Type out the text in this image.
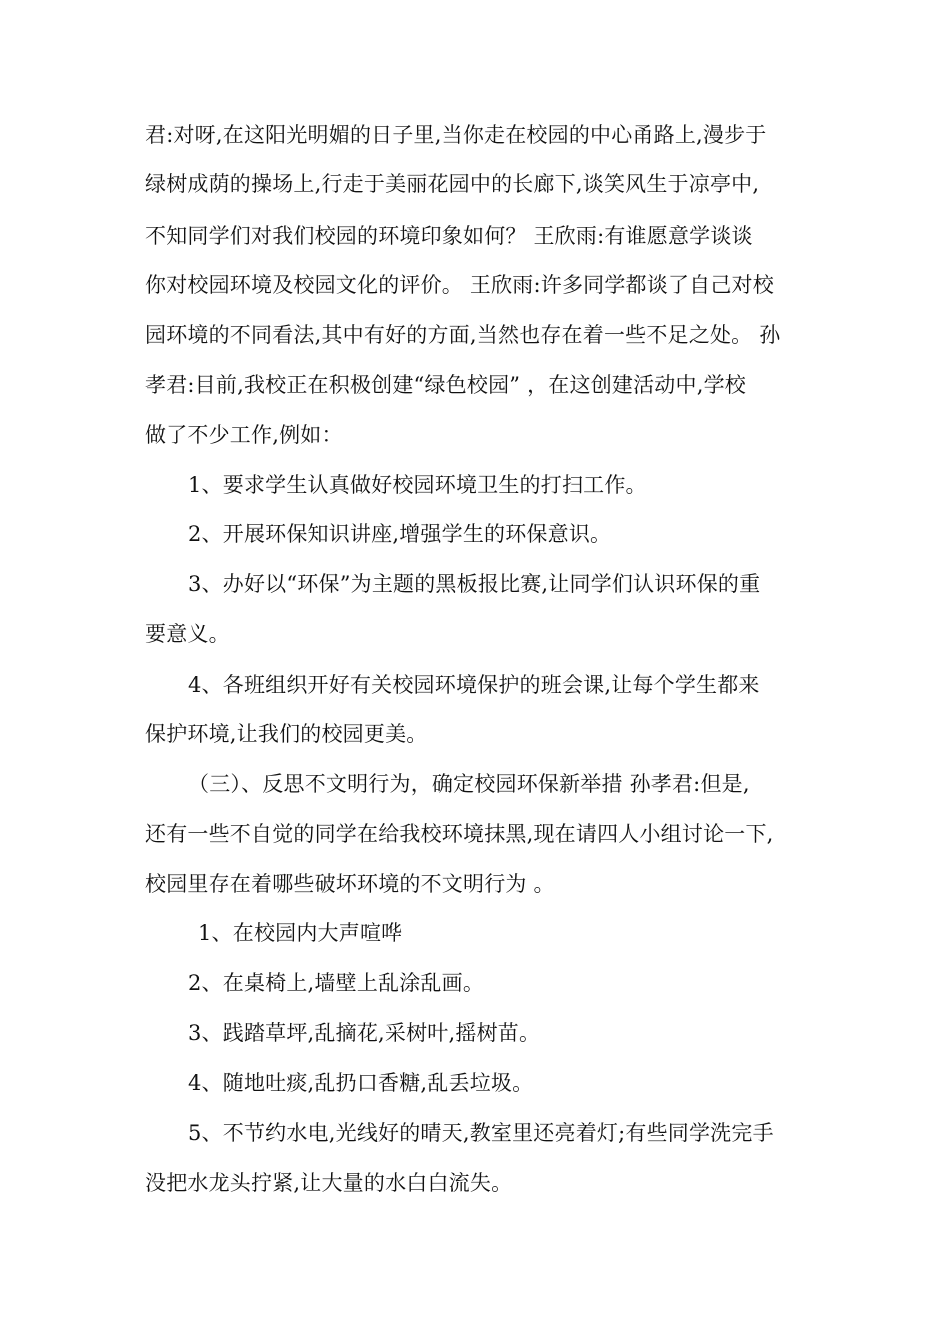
君:对呀,在这阳光明媚的日子里,当你走在校园的中心甬路上,漫步于
绿树成荫的操场上,行走于美丽花园中的长廊下,谈笑风生于凉亭中,
不知同学们对我们校园的环境印象如何？ 王欣雨:有谁愿意学谈谈
你对校园环境及校园文化的评价。 王欣雨:许多同学都谈了自己对校
园环境的不同看法,其中有好的方面,当然也存在着一些不足之处。 孙
孝君:目前,我校正在积极创建“绿色校园” ，在这创建活动中,学校
做了不少工作,例如：
1、要求学生认真做好校园环境卫生的打扫工作。
2、开展环保知识讲座,增强学生的环保意识。
3、办好以“环保”为主题的黑板报比赛,让同学们认识环保的重
要意义。
4、各班组织开好有关校园环境保护的班会课,让每个学生都来
保护环境,让我们的校园更美。
（三）、反思不文明行为，确定校园环保新举措 孙孝君:但是,
还有一些不自觉的同学在给我校环境抹黑,现在请四人小组讨论一下,
校园里存在着哪些破坏环境的不文明行为 。
1、在校园内大声喧哗
2、在桌椅上,墙壁上乱涂乱画。
3、践踏草坪,乱摘花,采树叶,摇树苗。
4、随地吐痰,乱扔口香糖,乱丢垃圾。
5、不节约水电,光线好的晴天,教室里还亮着灯;有些同学洗完手
没把水龙头拧紧,让大量的水白白流失。
